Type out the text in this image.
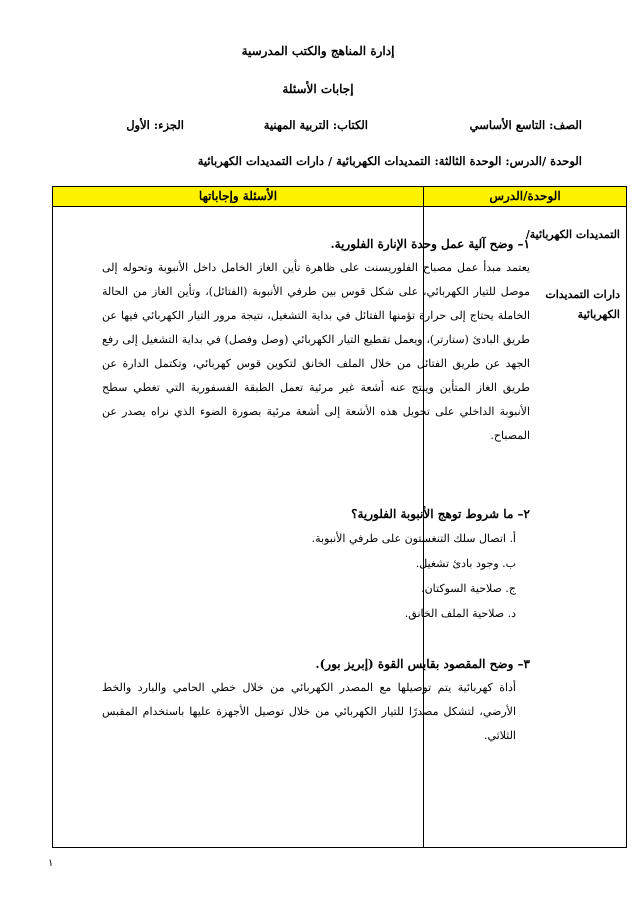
إدارة المناهج والكتب المدرسية
إجابات الأسئلة
الصف: التاسع الأساسي
الكتاب: التربية المهنية
الجزء: الأول
الوحدة /الدرس: الوحدة الثالثة: التمديدات الكهربائية / دارات التمديدات الكهربائية
الأسئلة وإجاباتها	الوحدة/الدرس
التمديدات الكهربائية/
دارات التمديدات الكهربائية
١– وضح آلية عمل وحدة الإنارة الفلورية.
يعتمد مبدأ عمل مصباح الفلوريسنت على ظاهرة تأين الغاز الخامل داخل الأنبوبة وتحوله إلى موصل للتيار الكهربائي، على شكل قوس بين طرفي الأنبوبة (الفتائل)، وتأين الغاز من الحالة الخاملة يحتاج إلى حرارة تؤمنها الفتائل في بداية التشغيل، نتيجة مرور التيار الكهربائي فيها عن طريق البادئ (ستارتر)، ويعمل تقطيع التيار الكهربائي (وصل وفصل) في بداية التشغيل إلى رفع الجهد عن طريق الفتائل من خلال الملف الخانق لتكوين قوس كهربائي، وتكتمل الدارة عن طريق الغاز المتأين وينتج عنه أشعة غير مرئية تعمل الطبقة الفسفورية التي تغطي سطح الأنبوبة الداخلي على تحويل هذه الأشعة إلى أشعة مرئية بصورة الضوء الذي نراه يصدر عن المصباح.
٢– ما شروط توهج الأنبوبة الفلورية؟
أ. اتصال سلك التنغستون على طرفي الأنبوبة.
ب. وجود بادئ تشغيل.
ج. صلاحية السوكتان.
د. صلاحية الملف الخانق.
٣– وضح المقصود بقابس القوة (إبريز بور).
أداة كهربائية يتم توصيلها مع المصدر الكهربائي من خلال خطي الحامي والبارد والخط الأرضي، لتشكل مصدرًا للتيار الكهربائي من خلال توصيل الأجهزة عليها باستخدام المقبس الثلاثي.
١
